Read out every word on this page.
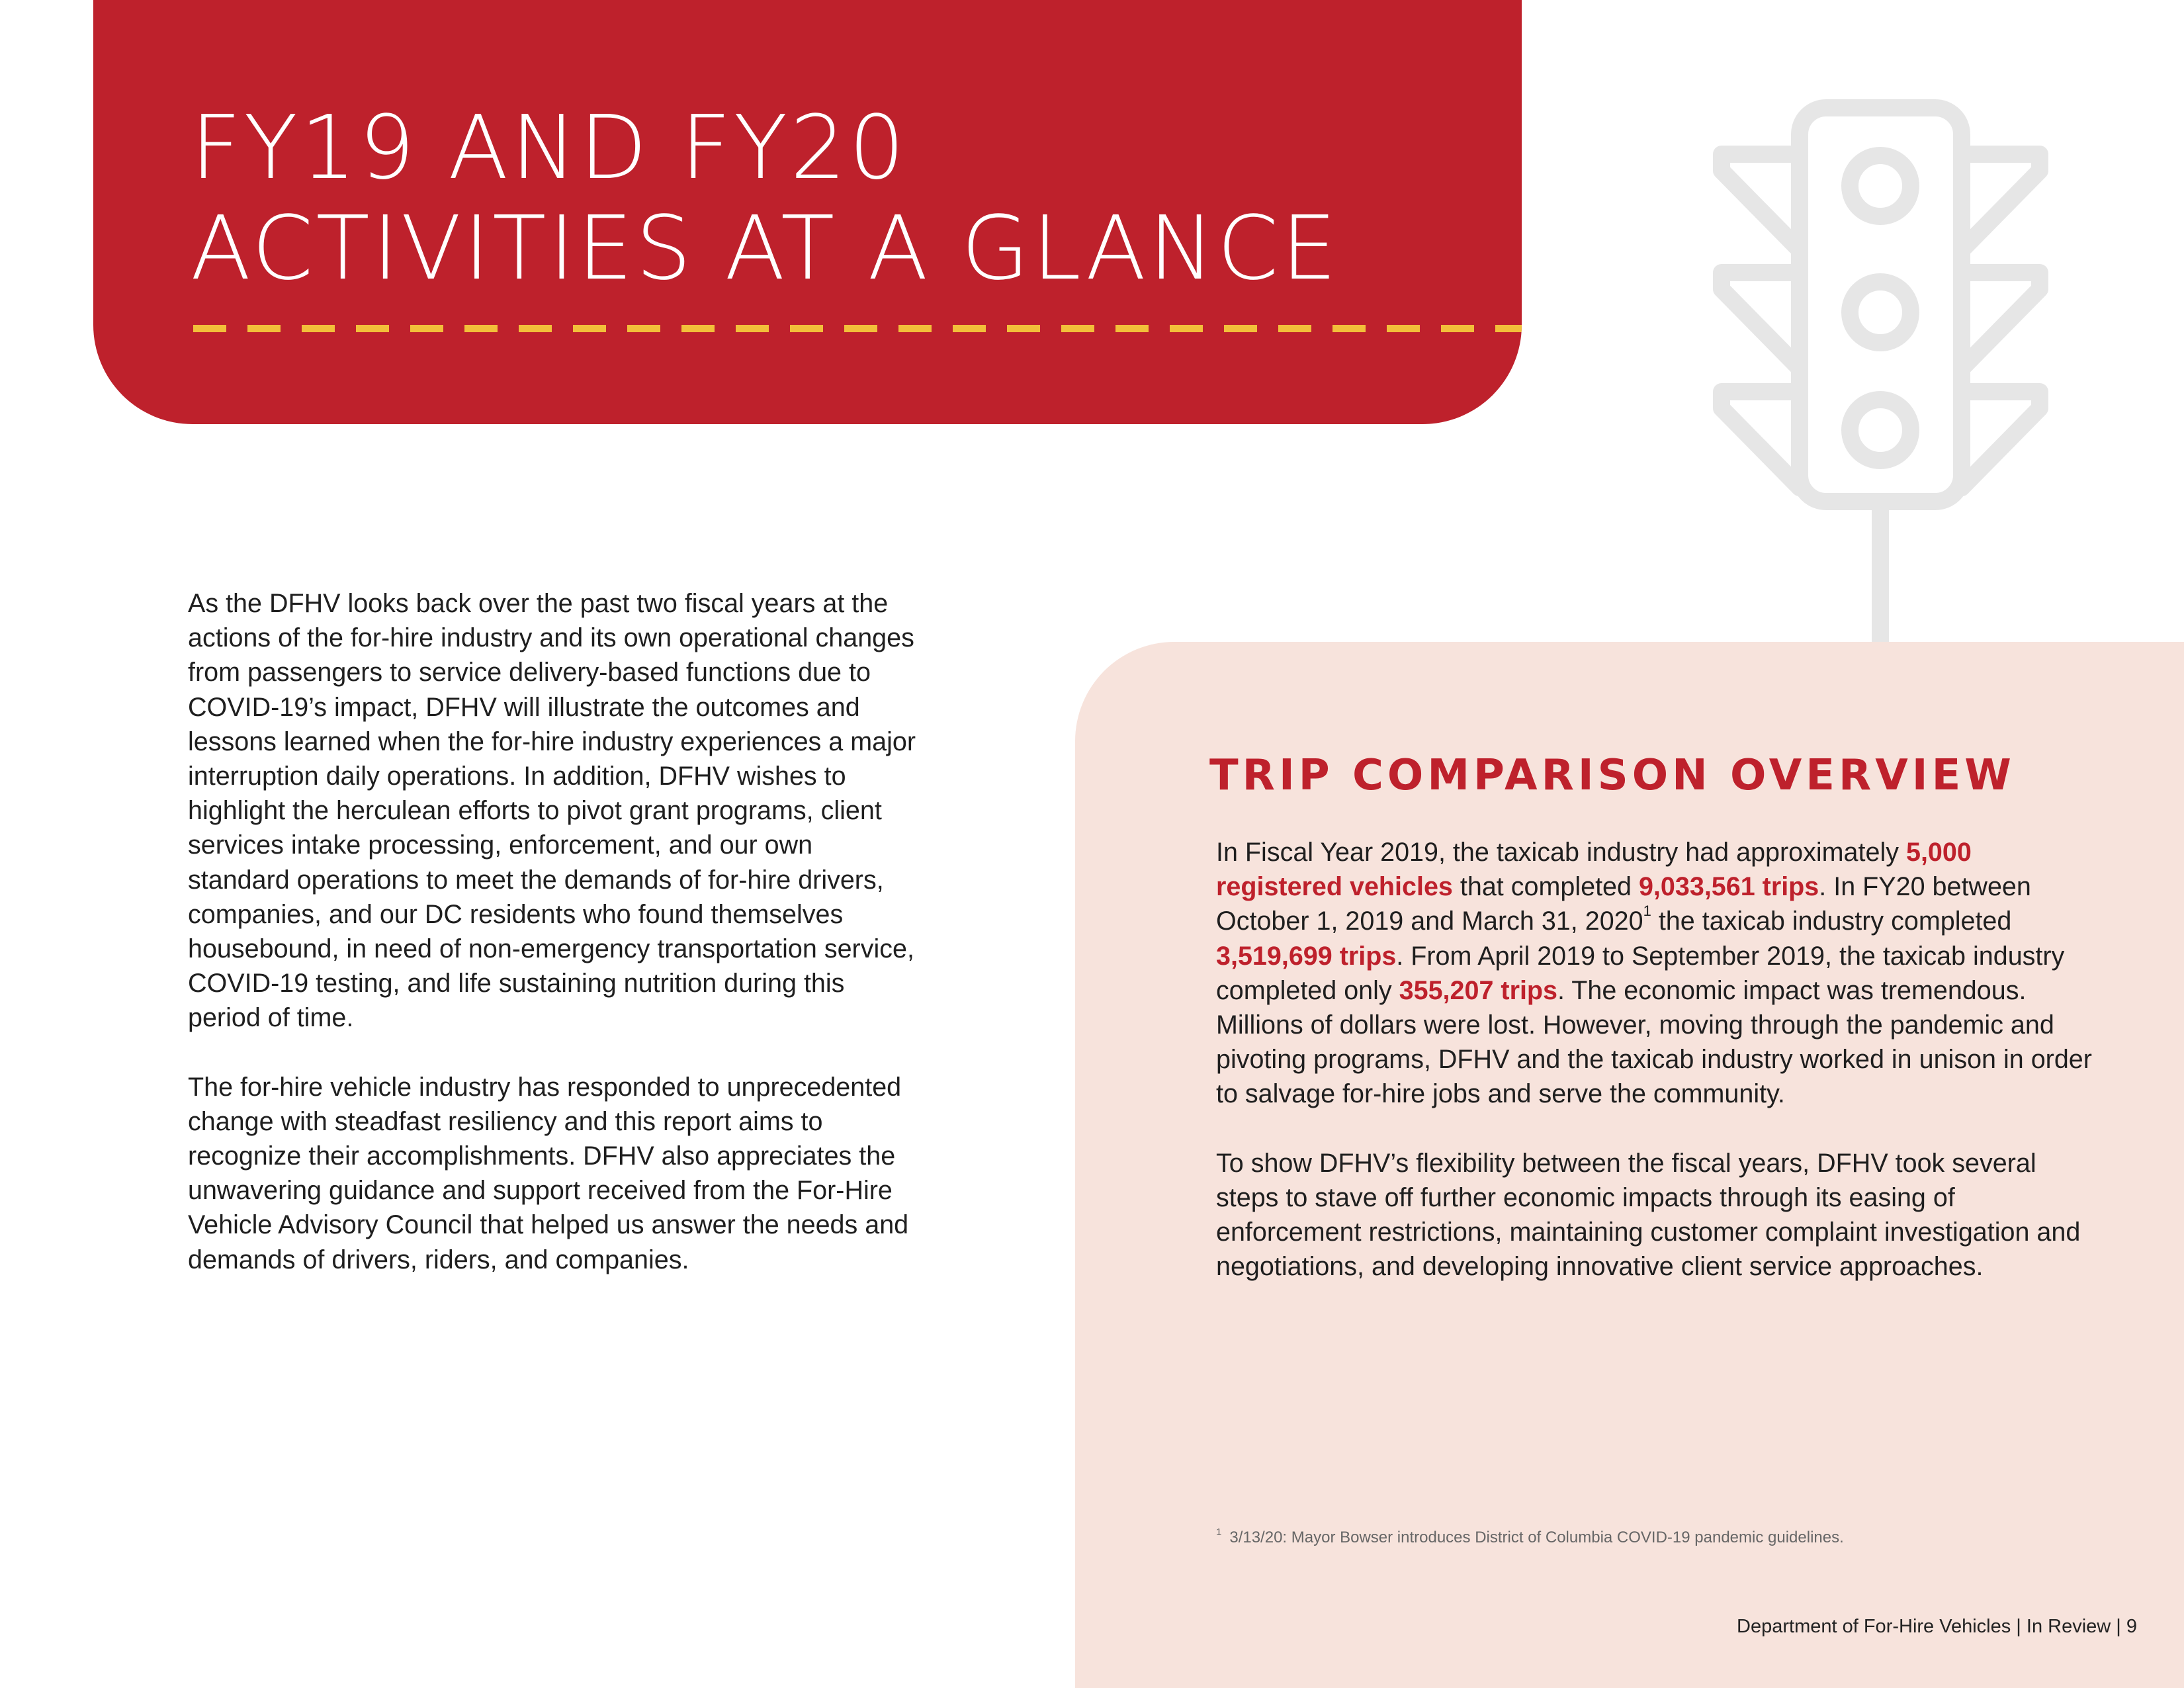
FY19 AND FY20
ACTIVITIES AT A GLANCE

As the DFHV looks back over the past two fiscal years at the actions of the for-hire industry and its own operational changes from passengers to service delivery-based functions due to COVID-19’s impact, DFHV will illustrate the outcomes and lessons learned when the for-hire industry experiences a major interruption daily operations. In addition, DFHV wishes to highlight the herculean efforts to pivot grant programs, client services intake processing, enforcement, and our own standard operations to meet the demands of for-hire drivers, companies, and our DC residents who found themselves housebound, in need of non-emergency transportation service, COVID-19 testing, and life sustaining nutrition during this period of time.

The for-hire vehicle industry has responded to unprecedented change with steadfast resiliency and this report aims to recognize their accomplishments. DFHV also appreciates the unwavering guidance and support received from the For-Hire Vehicle Advisory Council that helped us answer the needs and demands of drivers, riders, and companies.

TRIP COMPARISON OVERVIEW

In Fiscal Year 2019, the taxicab industry had approximately 5,000 registered vehicles that completed 9,033,561 trips. In FY20 between October 1, 2019 and March 31, 2020$^1$ the taxicab industry completed 3,519,699 trips. From April 2019 to September 2019, the taxicab industry completed only 355,207 trips. The economic impact was tremendous. Millions of dollars were lost. However, moving through the pandemic and pivoting programs, DFHV and the taxicab industry worked in unison in order to salvage for-hire jobs and serve the community.

To show DFHV’s flexibility between the fiscal years, DFHV took several steps to stave off further economic impacts through its easing of enforcement restrictions, maintaining customer complaint investigation and negotiations, and developing innovative client service approaches.

$^1$ 3/13/20: Mayor Bowser introduces District of Columbia COVID-19 pandemic guidelines.
Department of For-Hire Vehicles | In Review | 9
